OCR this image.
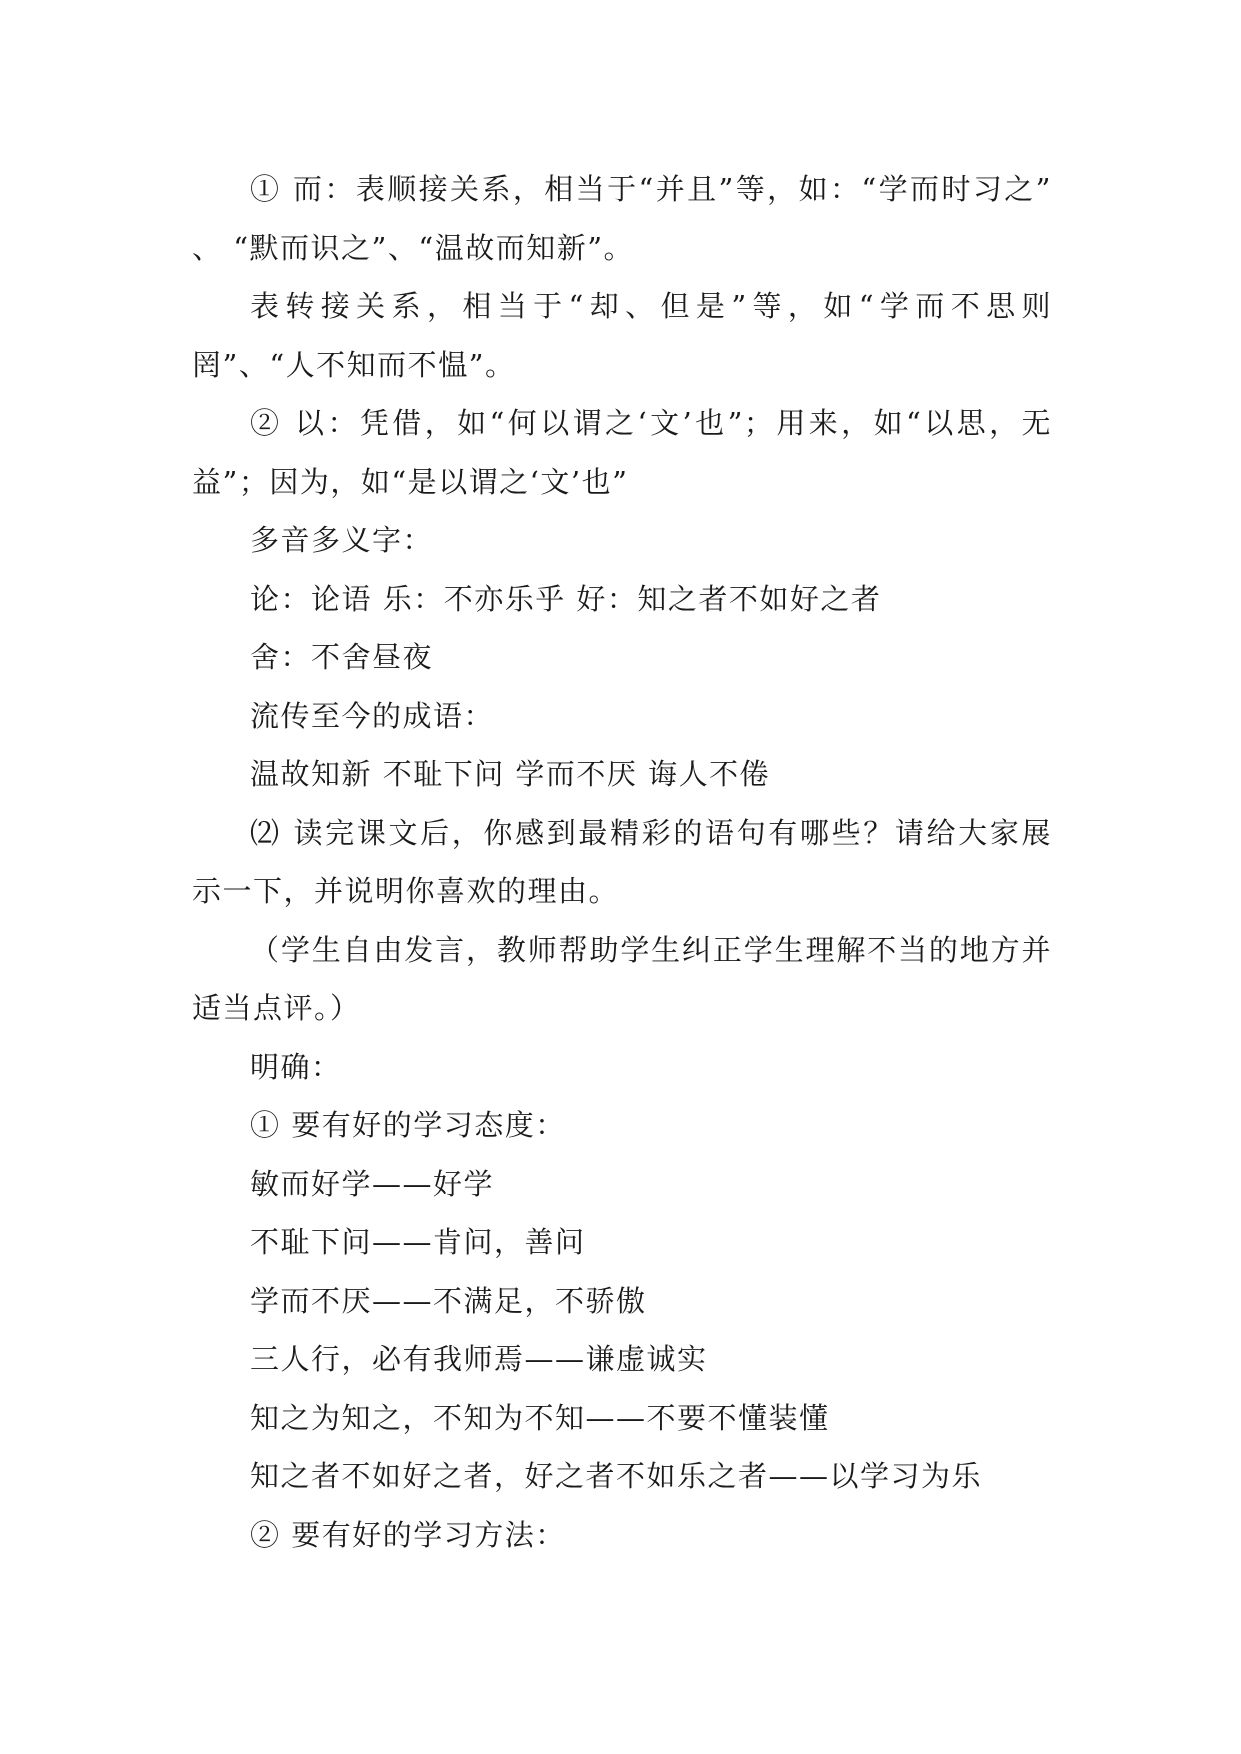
① 而：表顺接关系，相当于“并且”等，如：“学而时习之” 、 “默而识之”、“温故而知新”。

表转接关系，相当于“却、但是”等，如“学而不思则罔”、“人不知而不愠”。

② 以：凭借，如“何以谓之‘文’也”；用来，如“以思，无益”；因为，如“是以谓之‘文’也”

多音多义字：

论：论语 乐：不亦乐乎 好：知之者不如好之者

舍：不舍昼夜

流传至今的成语：

温故知新 不耻下问 学而不厌 诲人不倦

⑵ 读完课文后，你感到最精彩的语句有哪些？请给大家展示一下，并说明你喜欢的理由。

（学生自由发言，教师帮助学生纠正学生理解不当的地方并适当点评。）

明确：

① 要有好的学习态度：

敏而好学——好学

不耻下问——肯问，善问

学而不厌——不满足，不骄傲

三人行，必有我师焉——谦虚诚实

知之为知之，不知为不知——不要不懂装懂

知之者不如好之者，好之者不如乐之者——以学习为乐

② 要有好的学习方法：
